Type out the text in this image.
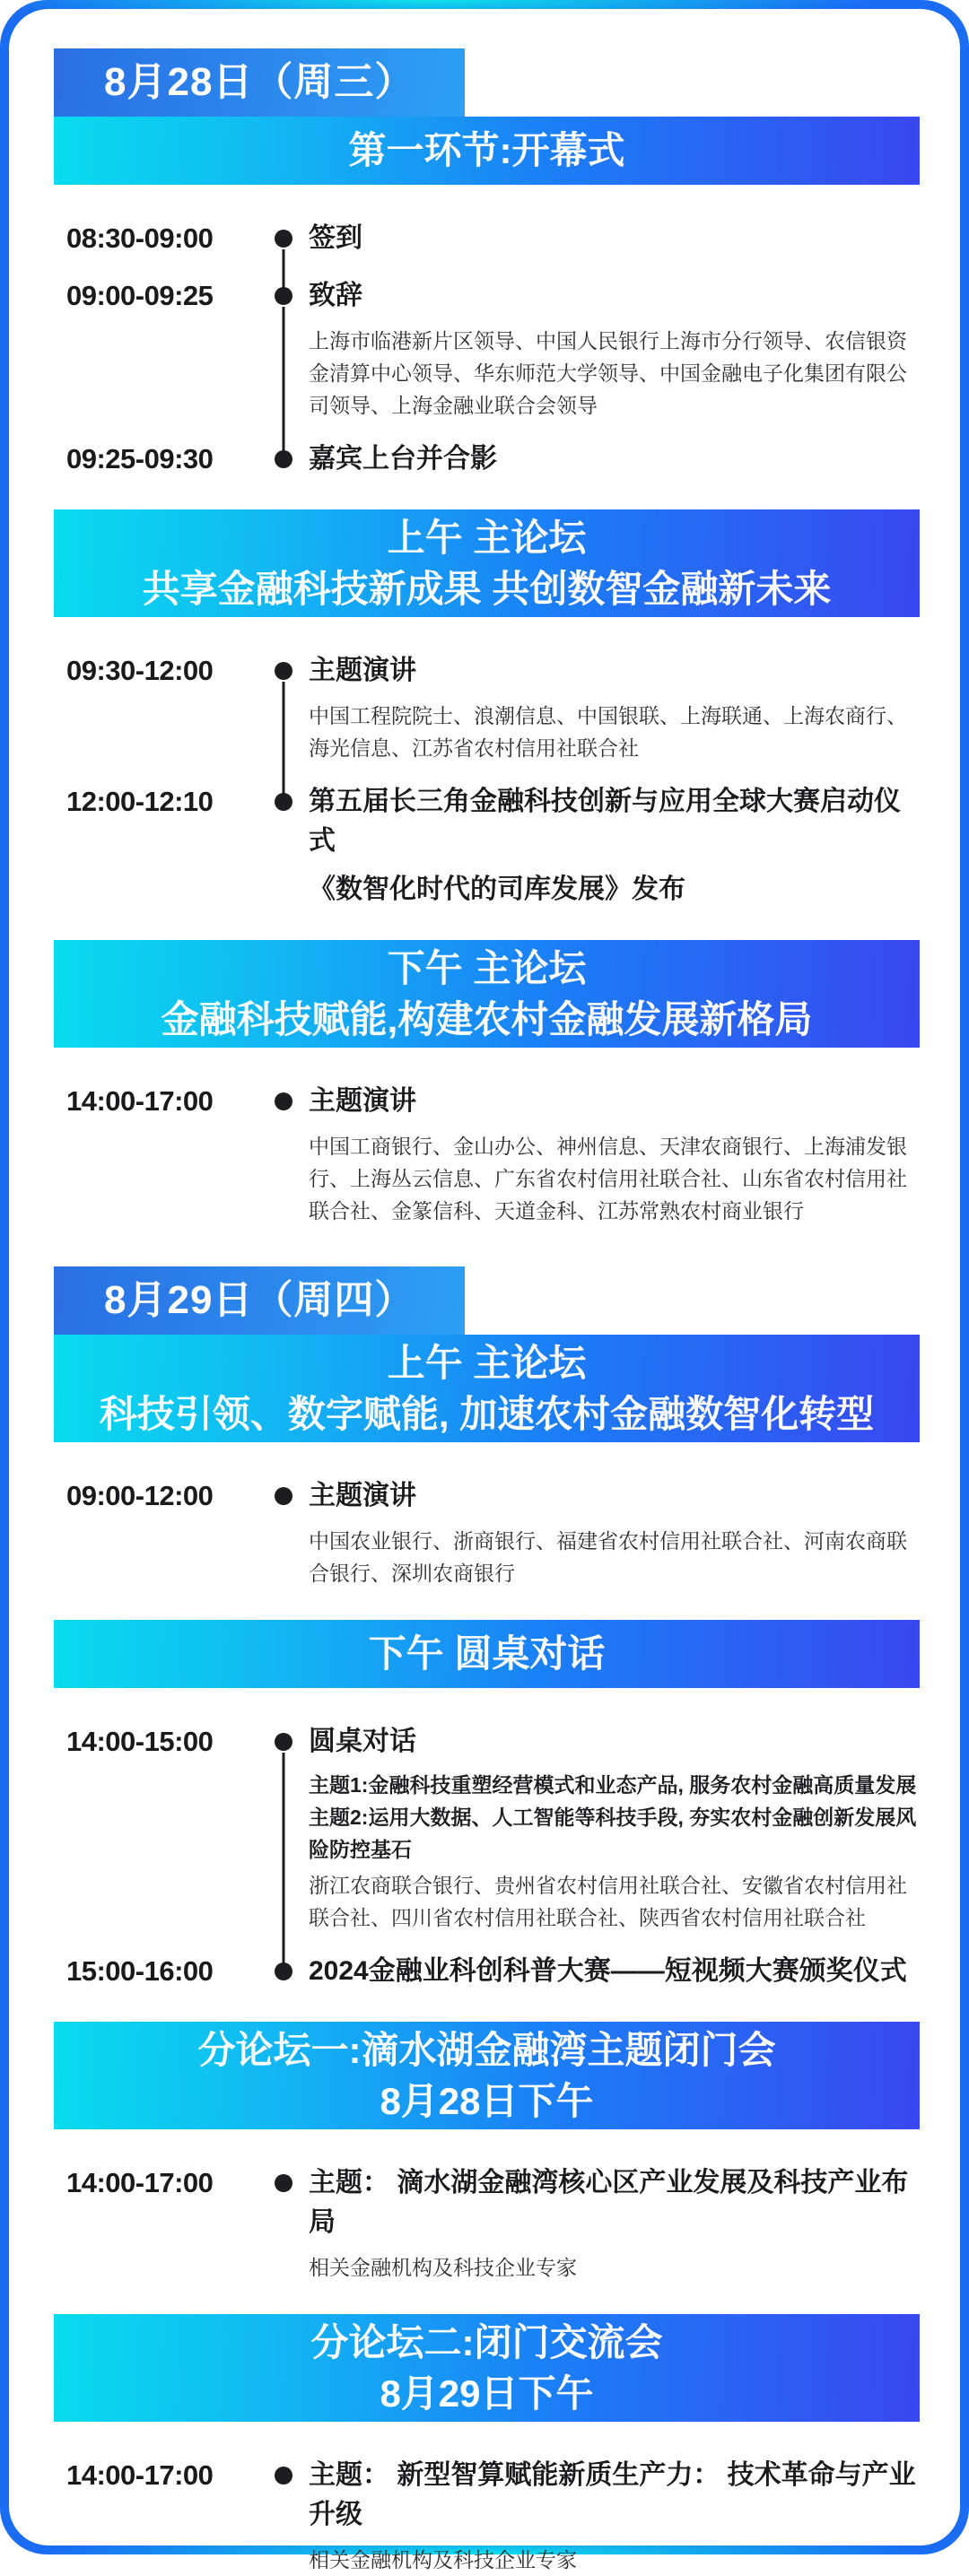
8月28日（周三）
第一环节:开幕式
08:30-09:00	签到
09:00-09:25	致辞
上海市临港新片区领导、中国人民银行上海市分行领导、农信银资金清算中心领导、华东师范大学领导、中国金融电子化集团有限公司领导、上海金融业联合会领导
09:25-09:30	嘉宾上台并合影
上午 主论坛
共享金融科技新成果 共创数智金融新未来
09:30-12:00	主题演讲
中国工程院院士、浪潮信息、中国银联、上海联通、上海农商行、海光信息、江苏省农村信用社联合社
12:00-12:10	第五届长三角金融科技创新与应用全球大赛启动仪式
《数智化时代的司库发展》发布
下午 主论坛
金融科技赋能,构建农村金融发展新格局
14:00-17:00	主题演讲
中国工商银行、金山办公、神州信息、天津农商银行、上海浦发银行、上海丛云信息、广东省农村信用社联合社、山东省农村信用社联合社、金篆信科、天道金科、江苏常熟农村商业银行
8月29日（周四）
上午 主论坛
科技引领、数字赋能, 加速农村金融数智化转型
09:00-12:00	主题演讲
中国农业银行、浙商银行、福建省农村信用社联合社、河南农商联合银行、深圳农商银行
下午 圆桌对话
14:00-15:00	圆桌对话
主题1:金融科技重塑经营模式和业态产品, 服务农村金融高质量发展
主题2:运用大数据、人工智能等科技手段, 夯实农村金融创新发展风险防控基石
浙江农商联合银行、贵州省农村信用社联合社、安徽省农村信用社联合社、四川省农村信用社联合社、陕西省农村信用社联合社
15:00-16:00	2024金融业科创科普大赛——短视频大赛颁奖仪式
分论坛一:滴水湖金融湾主题闭门会
8月28日下午
14:00-17:00	主题： 滴水湖金融湾核心区产业发展及科技产业布局
相关金融机构及科技企业专家
分论坛二:闭门交流会
8月29日下午
14:00-17:00	主题： 新型智算赋能新质生产力： 技术革命与产业升级
相关金融机构及科技企业专家
